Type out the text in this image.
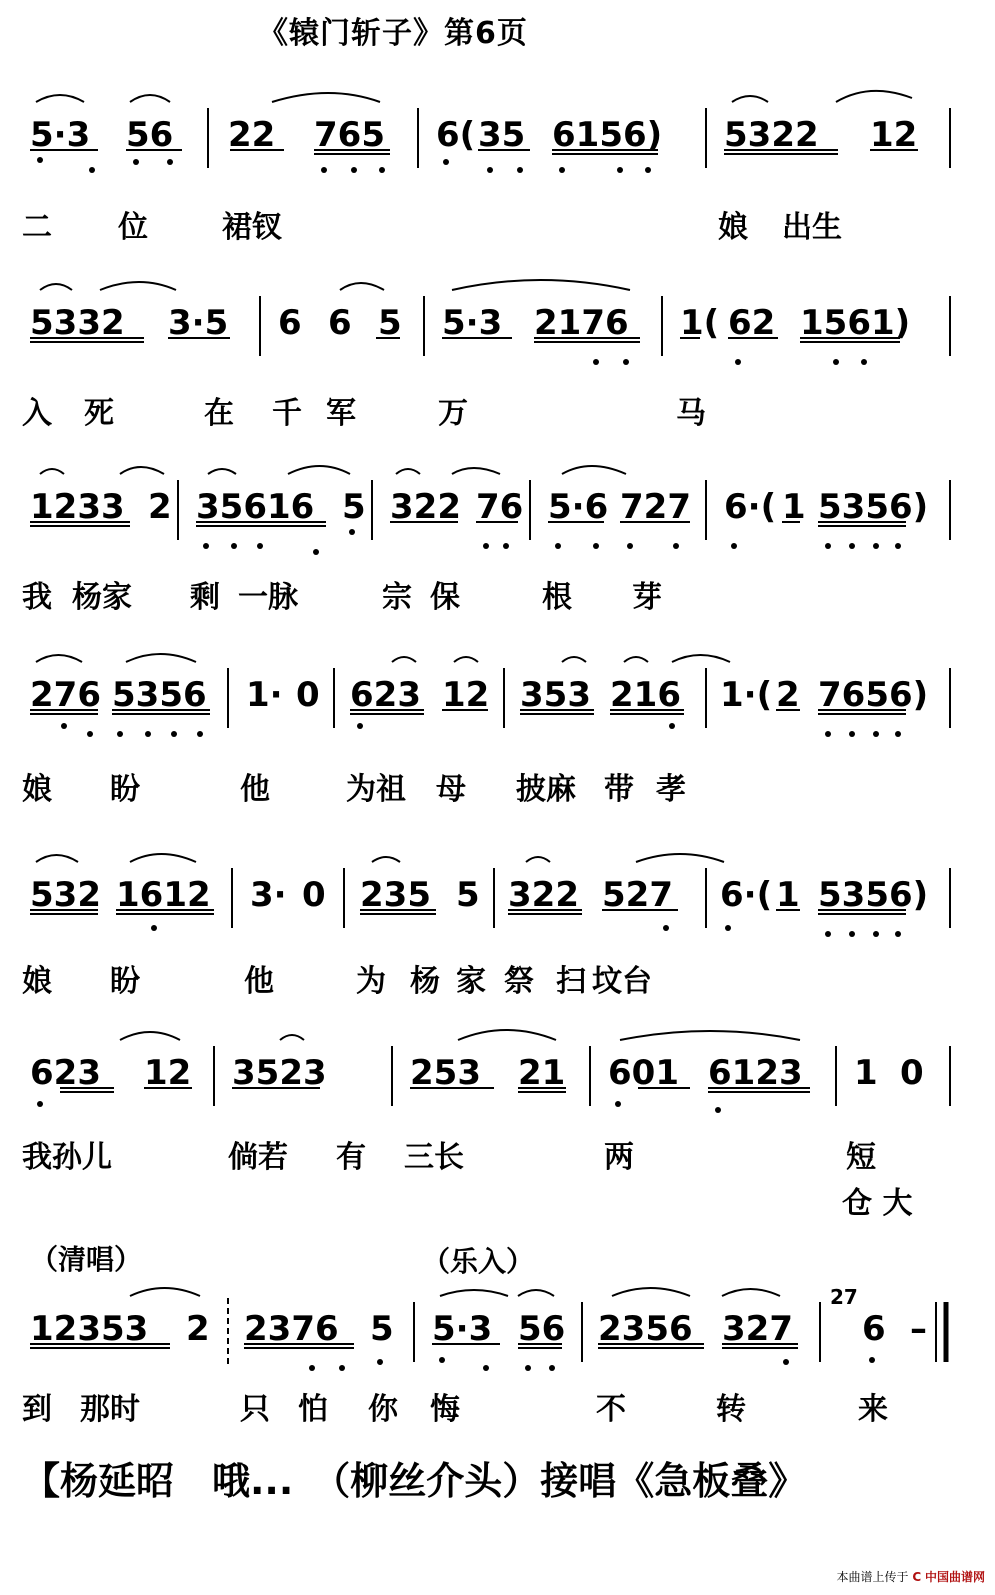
《辕门斩子》第6页
5·3 56 22 765 6( 35 6156) 5322 12
二 位 裙钗	娘 出生
5332 3·5 6 6 5 5·3 2176 1( 62 1561)
入 死	在 千 军	万	马
1233 2 35616 5 322 76 5·6 727 6·( 1 5356)
我 杨家 剩 一脉	宗 保	根 芽
276 5356 1· 0 623 12 353 216 1·( 2 7656)
娘 盼	他	为祖 母 披麻 带 孝
532 1612 3· 0 235 5 322 527 6·( 1 5356)
娘 盼	他	为 杨 家 祭 扫 坟台
623 12 3523 253 21 601 6123 1 0
我孙儿	倘若 有 三长	两	短
仓 大
（清唱）	（乐入）
12353 2 2376 5 5·3 56 2356 327
27
6 –
到 那时	只 怕 你 悔	不	转	来
【杨延昭　哦...　（柳丝介头）接唱《急板叠》
本曲谱上传于 C 中国曲谱网
